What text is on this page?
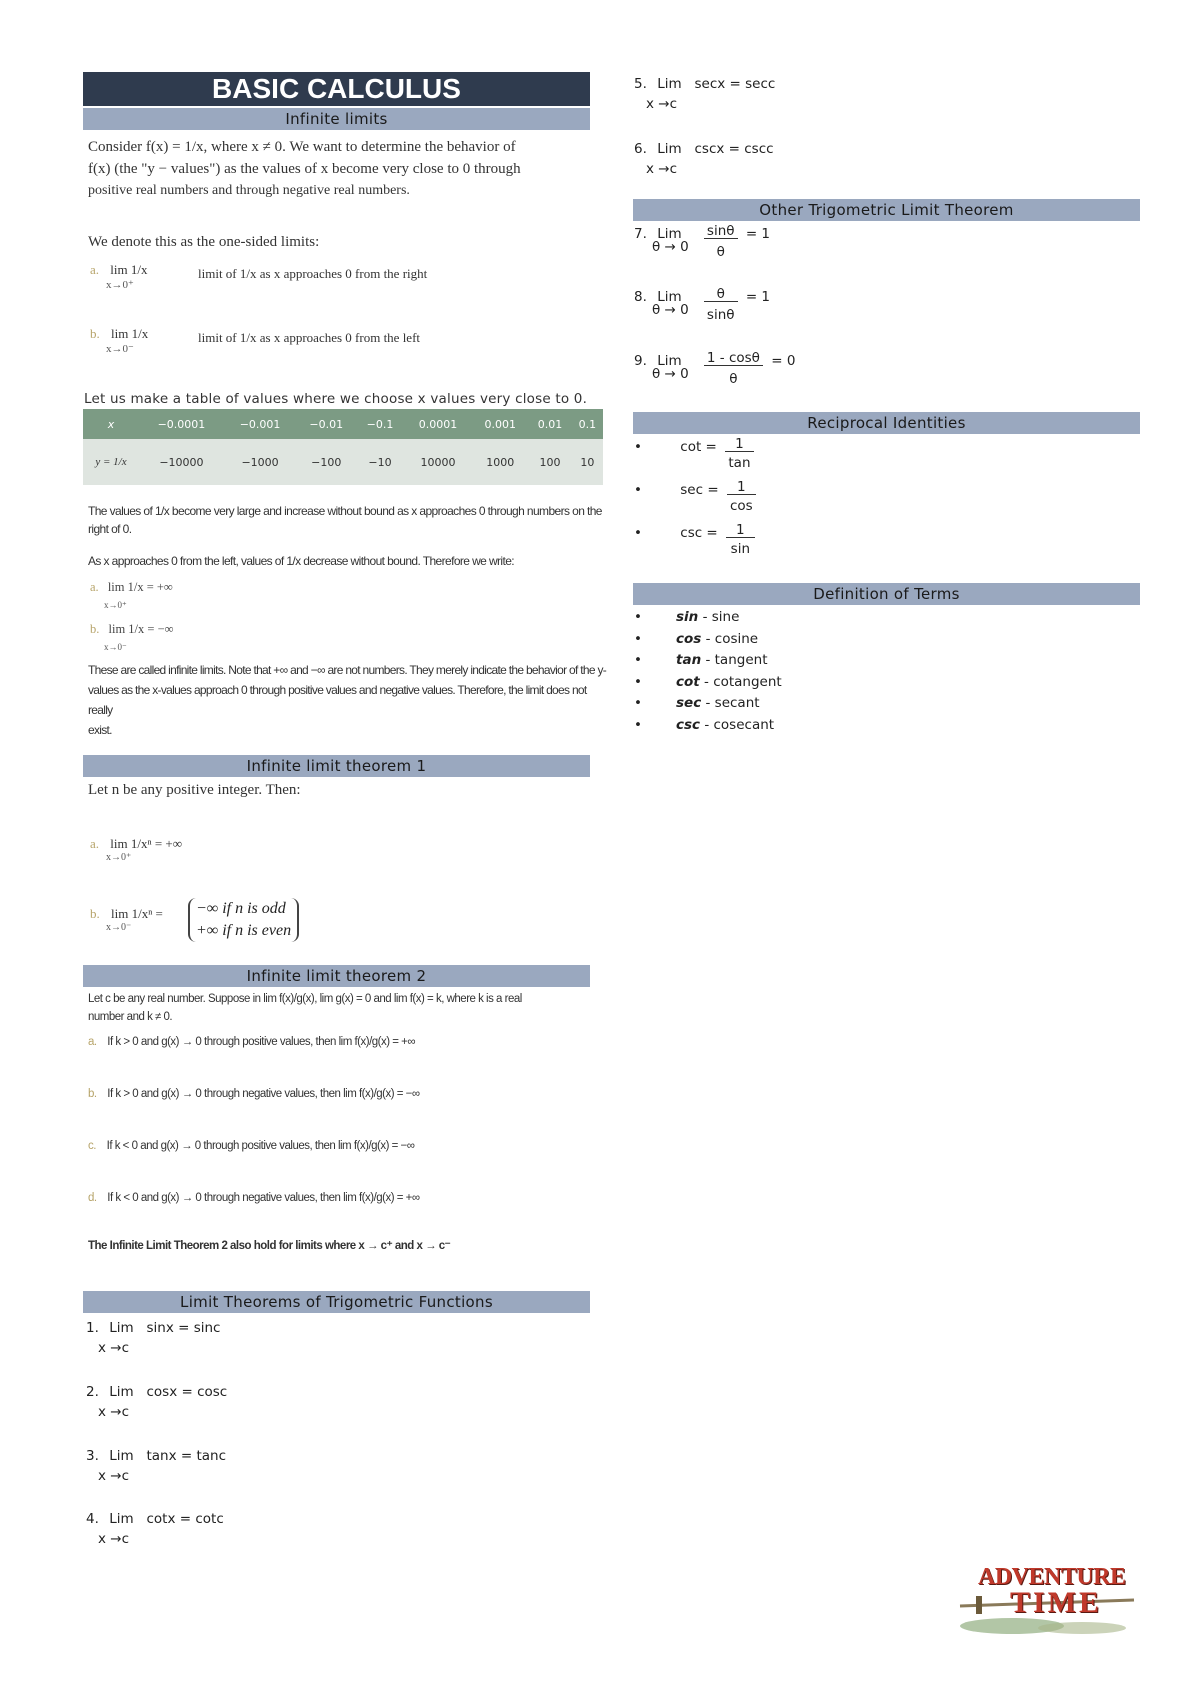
BASIC CALCULUS
Infinite limits
Consider f(x) = 1/x, where x ≠ 0. We want to determine the behavior of
f(x) (the "y − values") as the values of x become very close to 0 through
positive real numbers and through negative real numbers.
We denote this as the one-sided limits:
a. lim 1/x
x→0⁺
limit of 1/x as x approaches 0 from the right
b. lim 1/x
x→0⁻
limit of 1/x as x approaches 0 from the left
Let us make a table of values where we choose x values very close to 0.
x	−0.0001	−0.001	−0.01	−0.1	0.0001	0.001	0.01	0.1
y = 1/x	−10000	−1000	−100	−10	10000	1000	100	10
The values of 1/x become very large and increase without bound as x approaches 0 through numbers on the right of 0.
As x approaches 0 from the left, values of 1/x decrease without bound. Therefore we write:
a. lim 1/x = +∞
x→0⁺
b. lim 1/x = −∞
x→0⁻
These are called infinite limits. Note that +∞ and −∞ are not numbers. They merely indicate the behavior of the y-
values as the x-values approach 0 through positive values and negative values. Therefore, the limit does not really
exist.
Infinite limit theorem 1
Let n be any positive integer. Then:
a. lim 1/xⁿ = +∞
x→0⁺
b. lim 1/xⁿ =
x→0⁻
−∞ if n is odd
+∞ if n is even
Infinite limit theorem 2
Let c be any real number. Suppose in lim f(x)/g(x), lim g(x) = 0 and lim f(x) = k, where k is a real
number and k ≠ 0.
a. If k > 0 and g(x) → 0 through positive values, then lim f(x)/g(x) = +∞
b. If k > 0 and g(x) → 0 through negative values, then lim f(x)/g(x) = −∞
c. If k < 0 and g(x) → 0 through positive values, then lim f(x)/g(x) = −∞
d. If k < 0 and g(x) → 0 through negative values, then lim f(x)/g(x) = +∞
The Infinite Limit Theorem 2 also hold for limits where x → c⁺ and x → c⁻
Limit Theorems of Trigometric Functions
1. Lim   sinx = sinc
x →c
2. Lim   cosx = cosc
x →c
3. Lim   tanx = tanc
x →c
4. Lim   cotx = cotc
x →c
5. Lim   secx = secc
x →c
6. Lim   cscx = cscc
x →c
Other Trigometric Limit Theorem
7. Lim $\frac{\sin\theta}{\theta} = 1$
θ → 0
8. Lim $\frac{\theta}{\sin\theta} = 1$
θ → 0
9. Lim $\frac{1 - \cos\theta}{\theta} = 0$
θ → 0
Reciprocal Identities
•	$\cot = \frac{1}{\tan}$
•	$\sec = \frac{1}{\cos}$
•	$\csc = \frac{1}{\sin}$
Definition of Terms
• sin - sine
• cos - cosine
• tan - tangent
• cot - cotangent
• sec - secant
• csc - cosecant
ADVENTURE
TIME
